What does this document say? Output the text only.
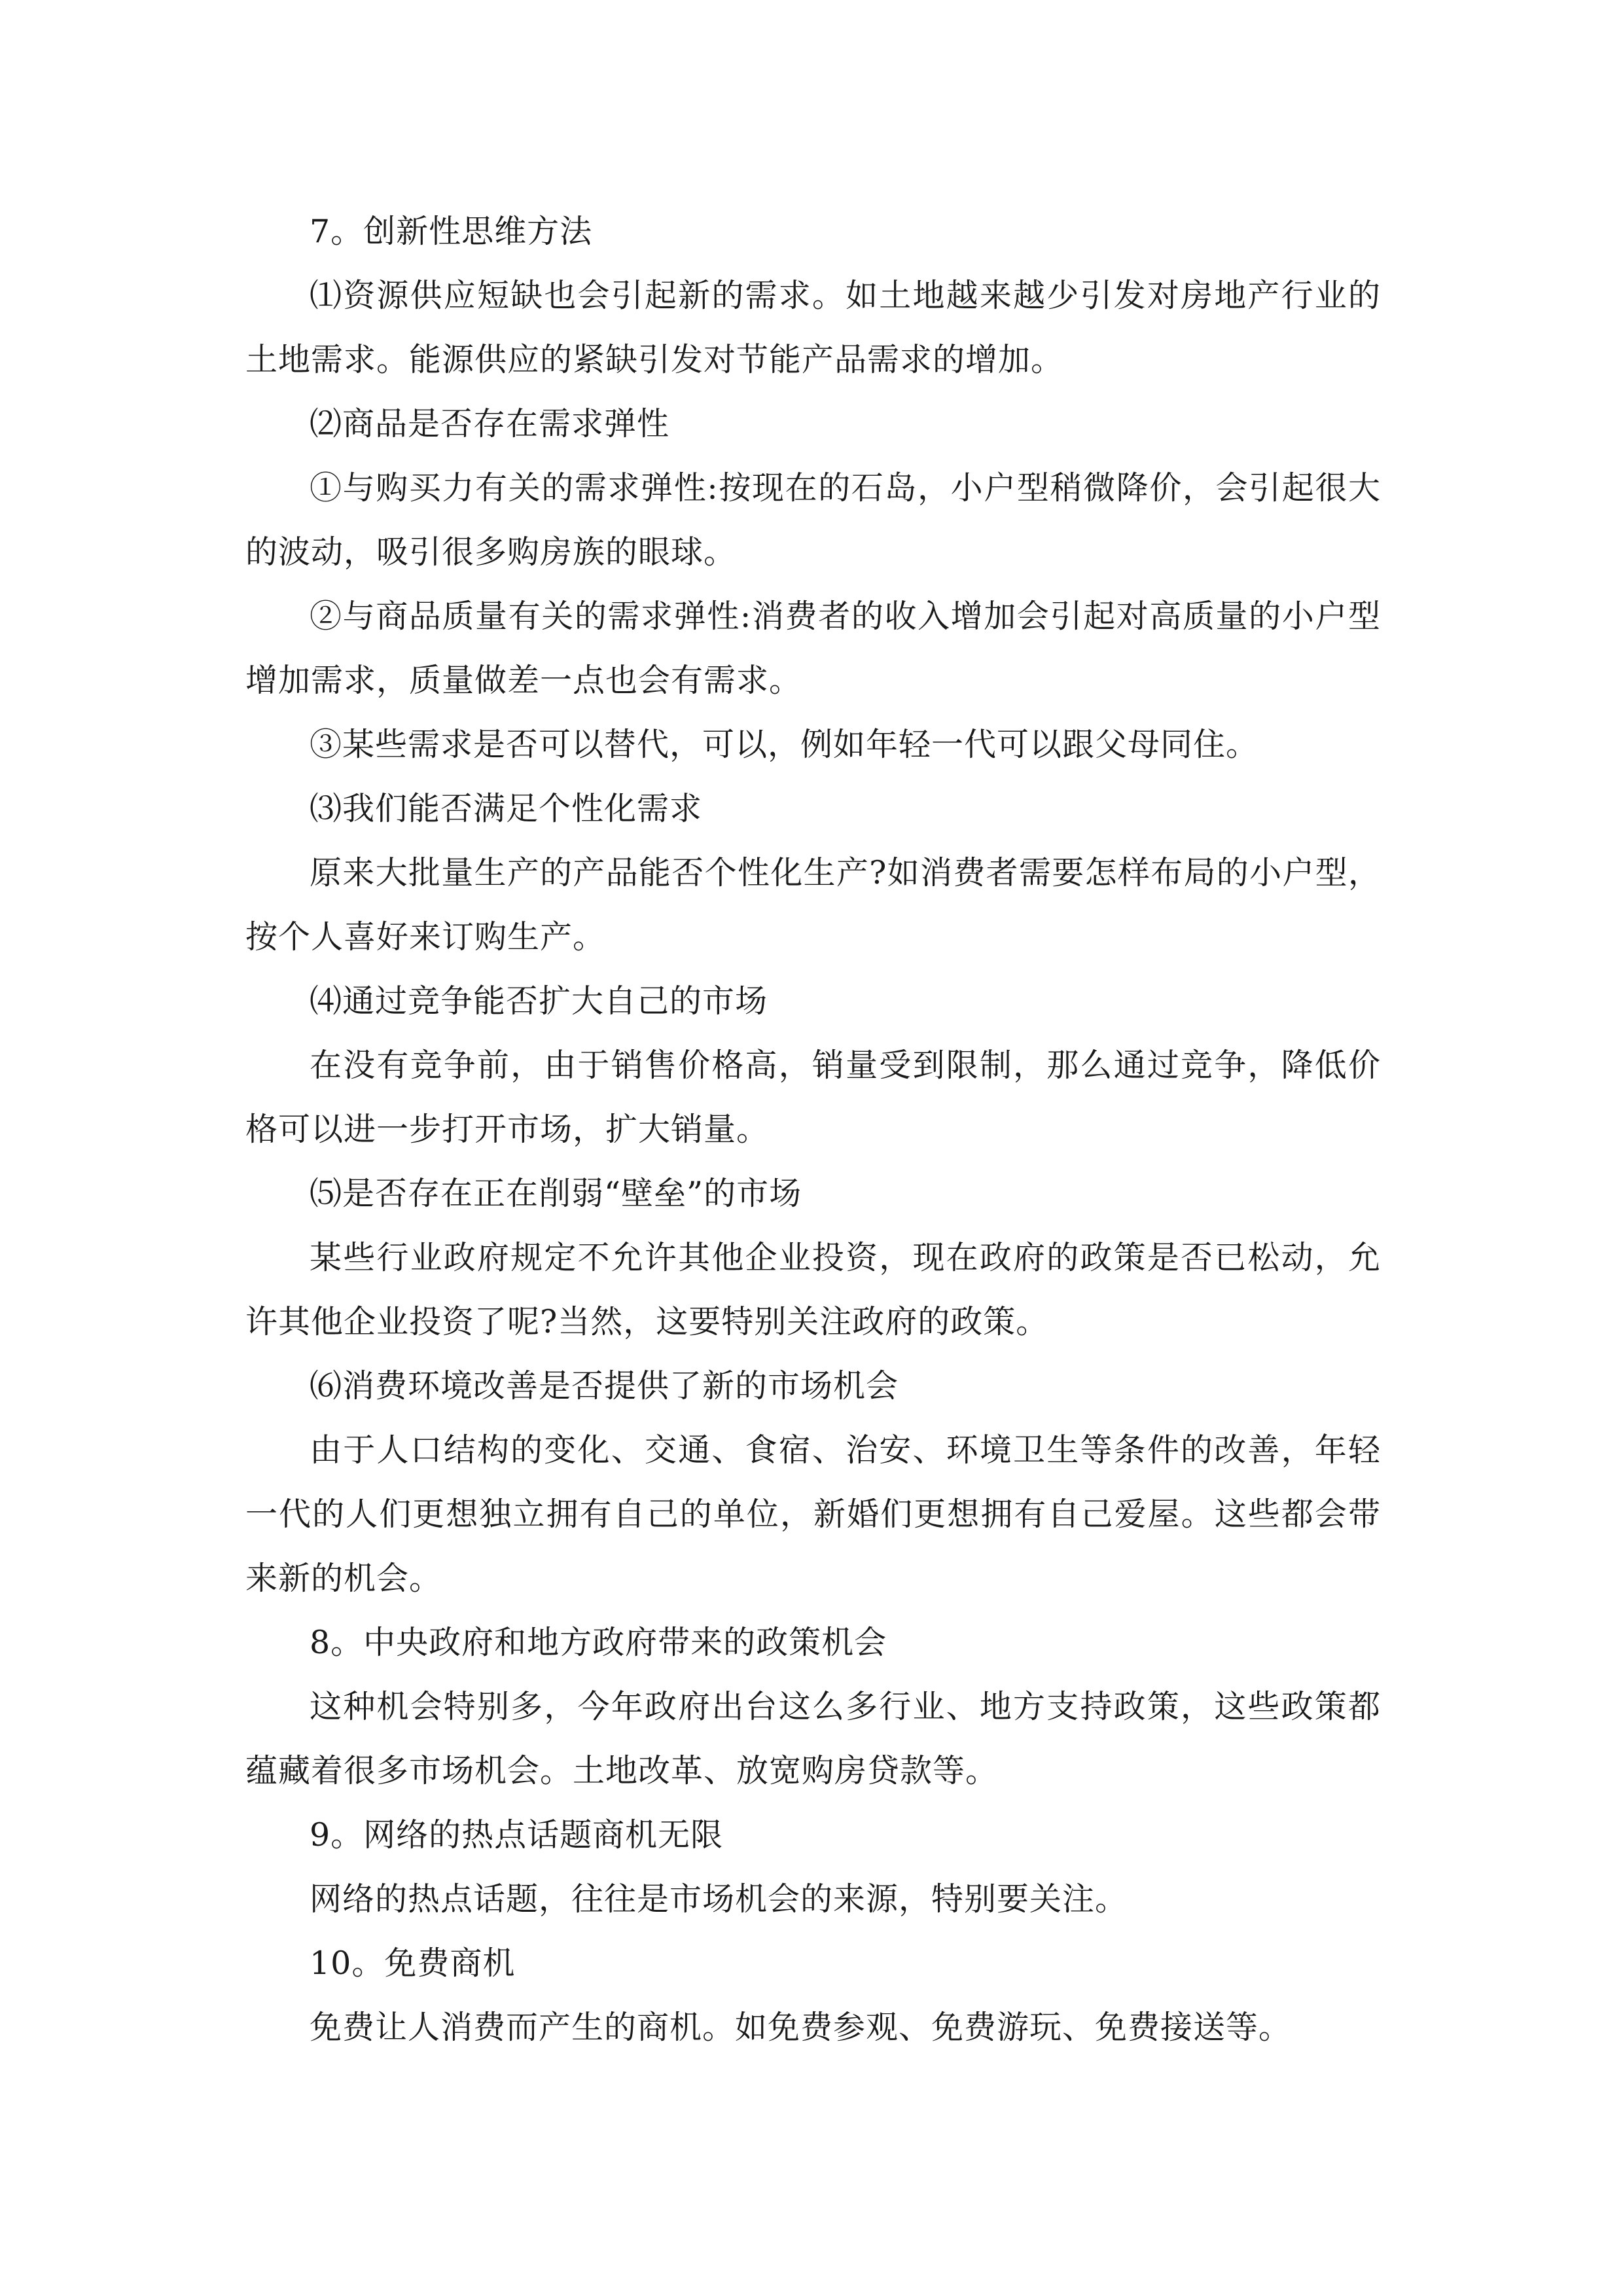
7。创新性思维方法

⑴资源供应短缺也会引起新的需求。如土地越来越少引发对房地产行业的土地需求。能源供应的紧缺引发对节能产品需求的增加。

⑵商品是否存在需求弹性

①与购买力有关的需求弹性:按现在的石岛，小户型稍微降价，会引起很大的波动，吸引很多购房族的眼球。

②与商品质量有关的需求弹性:消费者的收入增加会引起对高质量的小户型增加需求，质量做差一点也会有需求。

③某些需求是否可以替代，可以，例如年轻一代可以跟父母同住。

⑶我们能否满足个性化需求

原来大批量生产的产品能否个性化生产?如消费者需要怎样布局的小户型，按个人喜好来订购生产。

⑷通过竞争能否扩大自己的市场

在没有竞争前，由于销售价格高，销量受到限制，那么通过竞争，降低价格可以进一步打开市场，扩大销量。

⑸是否存在正在削弱“壁垒”的市场

某些行业政府规定不允许其他企业投资，现在政府的政策是否已松动，允许其他企业投资了呢?当然，这要特别关注政府的政策。

⑹消费环境改善是否提供了新的市场机会

由于人口结构的变化、交通、食宿、治安、环境卫生等条件的改善，年轻一代的人们更想独立拥有自己的单位，新婚们更想拥有自己爱屋。这些都会带来新的机会。

8。中央政府和地方政府带来的政策机会

这种机会特别多，今年政府出台这么多行业、地方支持政策，这些政策都蕴藏着很多市场机会。土地改革、放宽购房贷款等。

9。网络的热点话题商机无限

网络的热点话题，往往是市场机会的来源，特别要关注。

10。免费商机

免费让人消费而产生的商机。如免费参观、免费游玩、免费接送等。
